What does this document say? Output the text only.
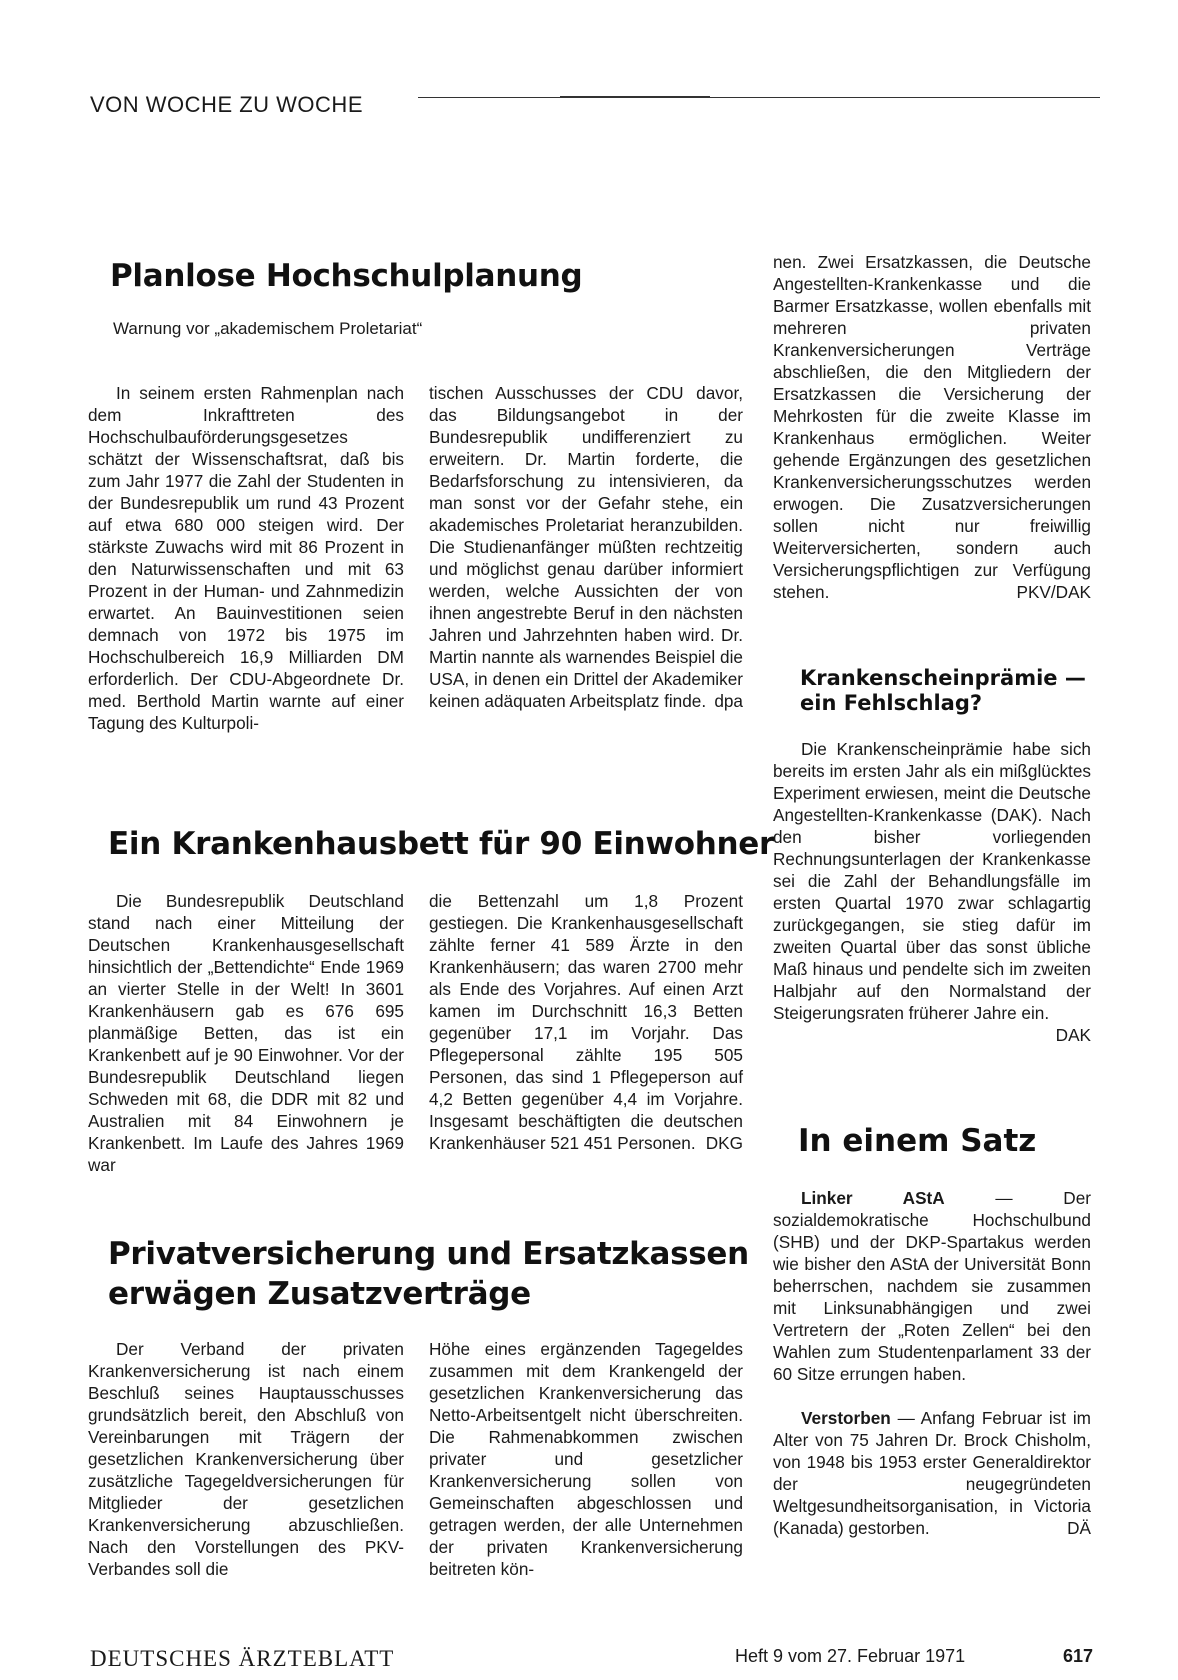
VON WOCHE ZU WOCHE
Planlose Hochschulplanung
Warnung vor „akademischem Proletariat“

In seinem ersten Rahmenplan nach dem Inkrafttreten des Hochschulbauförderungsgesetzes schätzt der Wissenschaftsrat, daß bis zum Jahr 1977 die Zahl der Studenten in der Bundesrepublik um rund 43 Prozent auf etwa 680 000 steigen wird. Der stärkste Zuwachs wird mit 86 Prozent in den Naturwissenschaften und mit 63 Prozent in der Human- und Zahnmedizin erwartet. An Bauinvestitionen seien demnach von 1972 bis 1975 im Hochschulbereich 16,9 Milliarden DM erforderlich. Der CDU-Abgeordnete Dr. med. Berthold Martin warnte auf einer Tagung des Kulturpoli-

tischen Ausschusses der CDU davor, das Bildungsangebot in der Bundesrepublik undifferenziert zu erweitern. Dr. Martin forderte, die Bedarfsforschung zu intensivieren, da man sonst vor der Gefahr stehe, ein akademisches Proletariat heranzubilden. Die Studienanfänger müßten rechtzeitig und möglichst genau darüber informiert werden, welche Aussichten der von ihnen angestrebte Beruf in den nächsten Jahren und Jahrzehnten haben wird. Dr. Martin nannte als warnendes Beispiel die USA, in denen ein Drittel der Akademiker keinen adäquaten Arbeitsplatz finde. dpa

Ein Krankenhausbett für 90 Einwohner

Die Bundesrepublik Deutschland stand nach einer Mitteilung der Deutschen Krankenhausgesellschaft hinsichtlich der „Bettendichte“ Ende 1969 an vierter Stelle in der Welt! In 3601 Krankenhäusern gab es 676 695 planmäßige Betten, das ist ein Krankenbett auf je 90 Einwohner. Vor der Bundesrepublik Deutschland liegen Schweden mit 68, die DDR mit 82 und Australien mit 84 Einwohnern je Krankenbett. Im Laufe des Jahres 1969 war

die Bettenzahl um 1,8 Prozent gestiegen. Die Krankenhausgesellschaft zählte ferner 41 589 Ärzte in den Krankenhäusern; das waren 2700 mehr als Ende des Vorjahres. Auf einen Arzt kamen im Durchschnitt 16,3 Betten gegenüber 17,1 im Vorjahr. Das Pflegepersonal zählte 195 505 Personen, das sind 1 Pflegeperson auf 4,2 Betten gegenüber 4,4 im Vorjahre. Insgesamt beschäftigten die deutschen Krankenhäuser 521 451 Personen. DKG

Privatversicherung und Ersatzkassen
erwägen Zusatzverträge

Der Verband der privaten Krankenversicherung ist nach einem Beschluß seines Hauptausschusses grundsätzlich bereit, den Abschluß von Vereinbarungen mit Trägern der gesetzlichen Krankenversicherung über zusätzliche Tagegeldversicherungen für Mitglieder der gesetzlichen Krankenversicherung abzuschließen. Nach den Vorstellungen des PKV-Verbandes soll die

Höhe eines ergänzenden Tagegeldes zusammen mit dem Krankengeld der gesetzlichen Krankenversicherung das Netto-Arbeitsentgelt nicht überschreiten. Die Rahmenabkommen zwischen privater und gesetzlicher Krankenversicherung sollen von Gemeinschaften abgeschlossen und getragen werden, der alle Unternehmen der privaten Krankenversicherung beitreten kön-

nen. Zwei Ersatzkassen, die Deutsche Angestellten-Krankenkasse und die Barmer Ersatzkasse, wollen ebenfalls mit mehreren privaten Krankenversicherungen Verträge abschließen, die den Mitgliedern der Ersatzkassen die Versicherung der Mehrkosten für die zweite Klasse im Krankenhaus ermöglichen. Weiter gehende Ergänzungen des gesetzlichen Krankenversicherungsschutzes werden erwogen. Die Zusatzversicherungen sollen nicht nur freiwillig Weiterversicherten, sondern auch Versicherungspflichtigen zur Verfügung stehen.	PKV/DAK

Krankenscheinprämie —
ein Fehlschlag?

Die Krankenscheinprämie habe sich bereits im ersten Jahr als ein mißglücktes Experiment erwiesen, meint die Deutsche Angestellten-Krankenkasse (DAK). Nach den bisher vorliegenden Rechnungsunterlagen der Krankenkasse sei die Zahl der Behandlungsfälle im ersten Quartal 1970 zwar schlagartig zurückgegangen, sie stieg dafür im zweiten Quartal über das sonst übliche Maß hinaus und pendelte sich im zweiten Halbjahr auf den Normalstand der Steigerungsraten früherer Jahre ein.
DAK

In einem Satz

Linker AStA — Der sozialdemokratische Hochschulbund (SHB) und der DKP-Spartakus werden wie bisher den AStA der Universität Bonn beherrschen, nachdem sie zusammen mit Linksunabhängigen und zwei Vertretern der „Roten Zellen“ bei den Wahlen zum Studentenparlament 33 der 60 Sitze errungen haben.

Verstorben — Anfang Februar ist im Alter von 75 Jahren Dr. Brock Chisholm, von 1948 bis 1953 erster Generaldirektor der neugegründeten Weltgesundheitsorganisation, in Victoria (Kanada) gestorben.	DÄ

DEUTSCHES ÄRZTEBLATT	Heft 9 vom 27. Februar 1971	617
